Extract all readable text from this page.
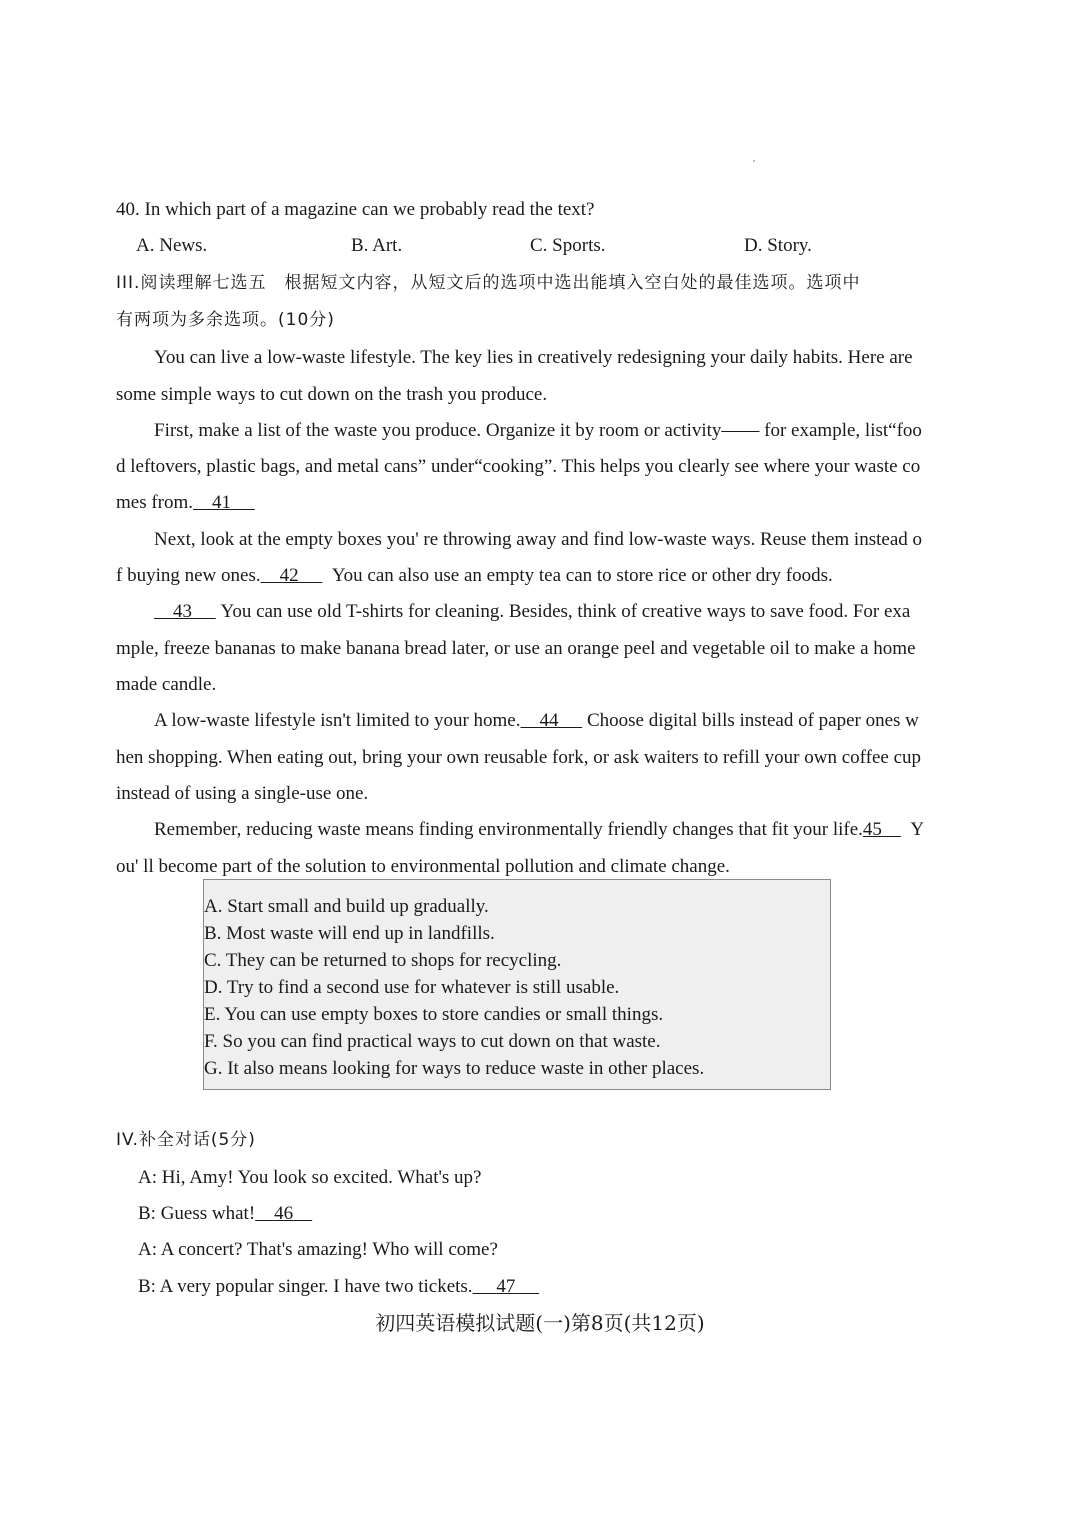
40. In which part of a magazine can we probably read the text?
A. News.	B. Art.	C. Sports.	D. Story.
III.阅读理解七选五　根据短文内容，从短文后的选项中选出能填入空白处的最佳选项。选项中
有两项为多余选项。(10分)
You can live a low-waste lifestyle. The key lies in creatively redesigning your daily habits. Here are
some simple ways to cut down on the trash you produce.
First, make a list of the waste you produce. Organize it by room or activity—— for example, list“foo
d leftovers, plastic bags, and metal cans” under“cooking”. This helps you clearly see where your waste co
mes from. 41
Next, look at the empty boxes you' re throwing away and find low-waste ways. Reuse them instead o
f buying new ones. 42 You can also use an empty tea can to store rice or other dry foods.
43 You can use old T-shirts for cleaning. Besides, think of creative ways to save food. For exa
mple, freeze bananas to make banana bread later, or use an orange peel and vegetable oil to make a home
made candle.
A low-waste lifestyle isn't limited to your home. 44 Choose digital bills instead of paper ones w
hen shopping. When eating out, bring your own reusable fork, or ask waiters to refill your own coffee cup
instead of using a single-use one.
Remember, reducing waste means finding environmentally friendly changes that fit your life.45 Y
ou' ll become part of the solution to environmental pollution and climate change.
A. Start small and build up gradually.
B. Most waste will end up in landfills.
C. They can be returned to shops for recycling.
D. Try to find a second use for whatever is still usable.
E. You can use empty boxes to store candies or small things.
F. So you can find practical ways to cut down on that waste.
G. It also means looking for ways to reduce waste in other places.
IV.补全对话(5分)
A: Hi, Amy! You look so excited. What's up?
B: Guess what! 46
A: A concert? That's amazing! Who will come?
B: A very popular singer. I have two tickets. 47
初四英语模拟试题(一)第8页(共12页)
